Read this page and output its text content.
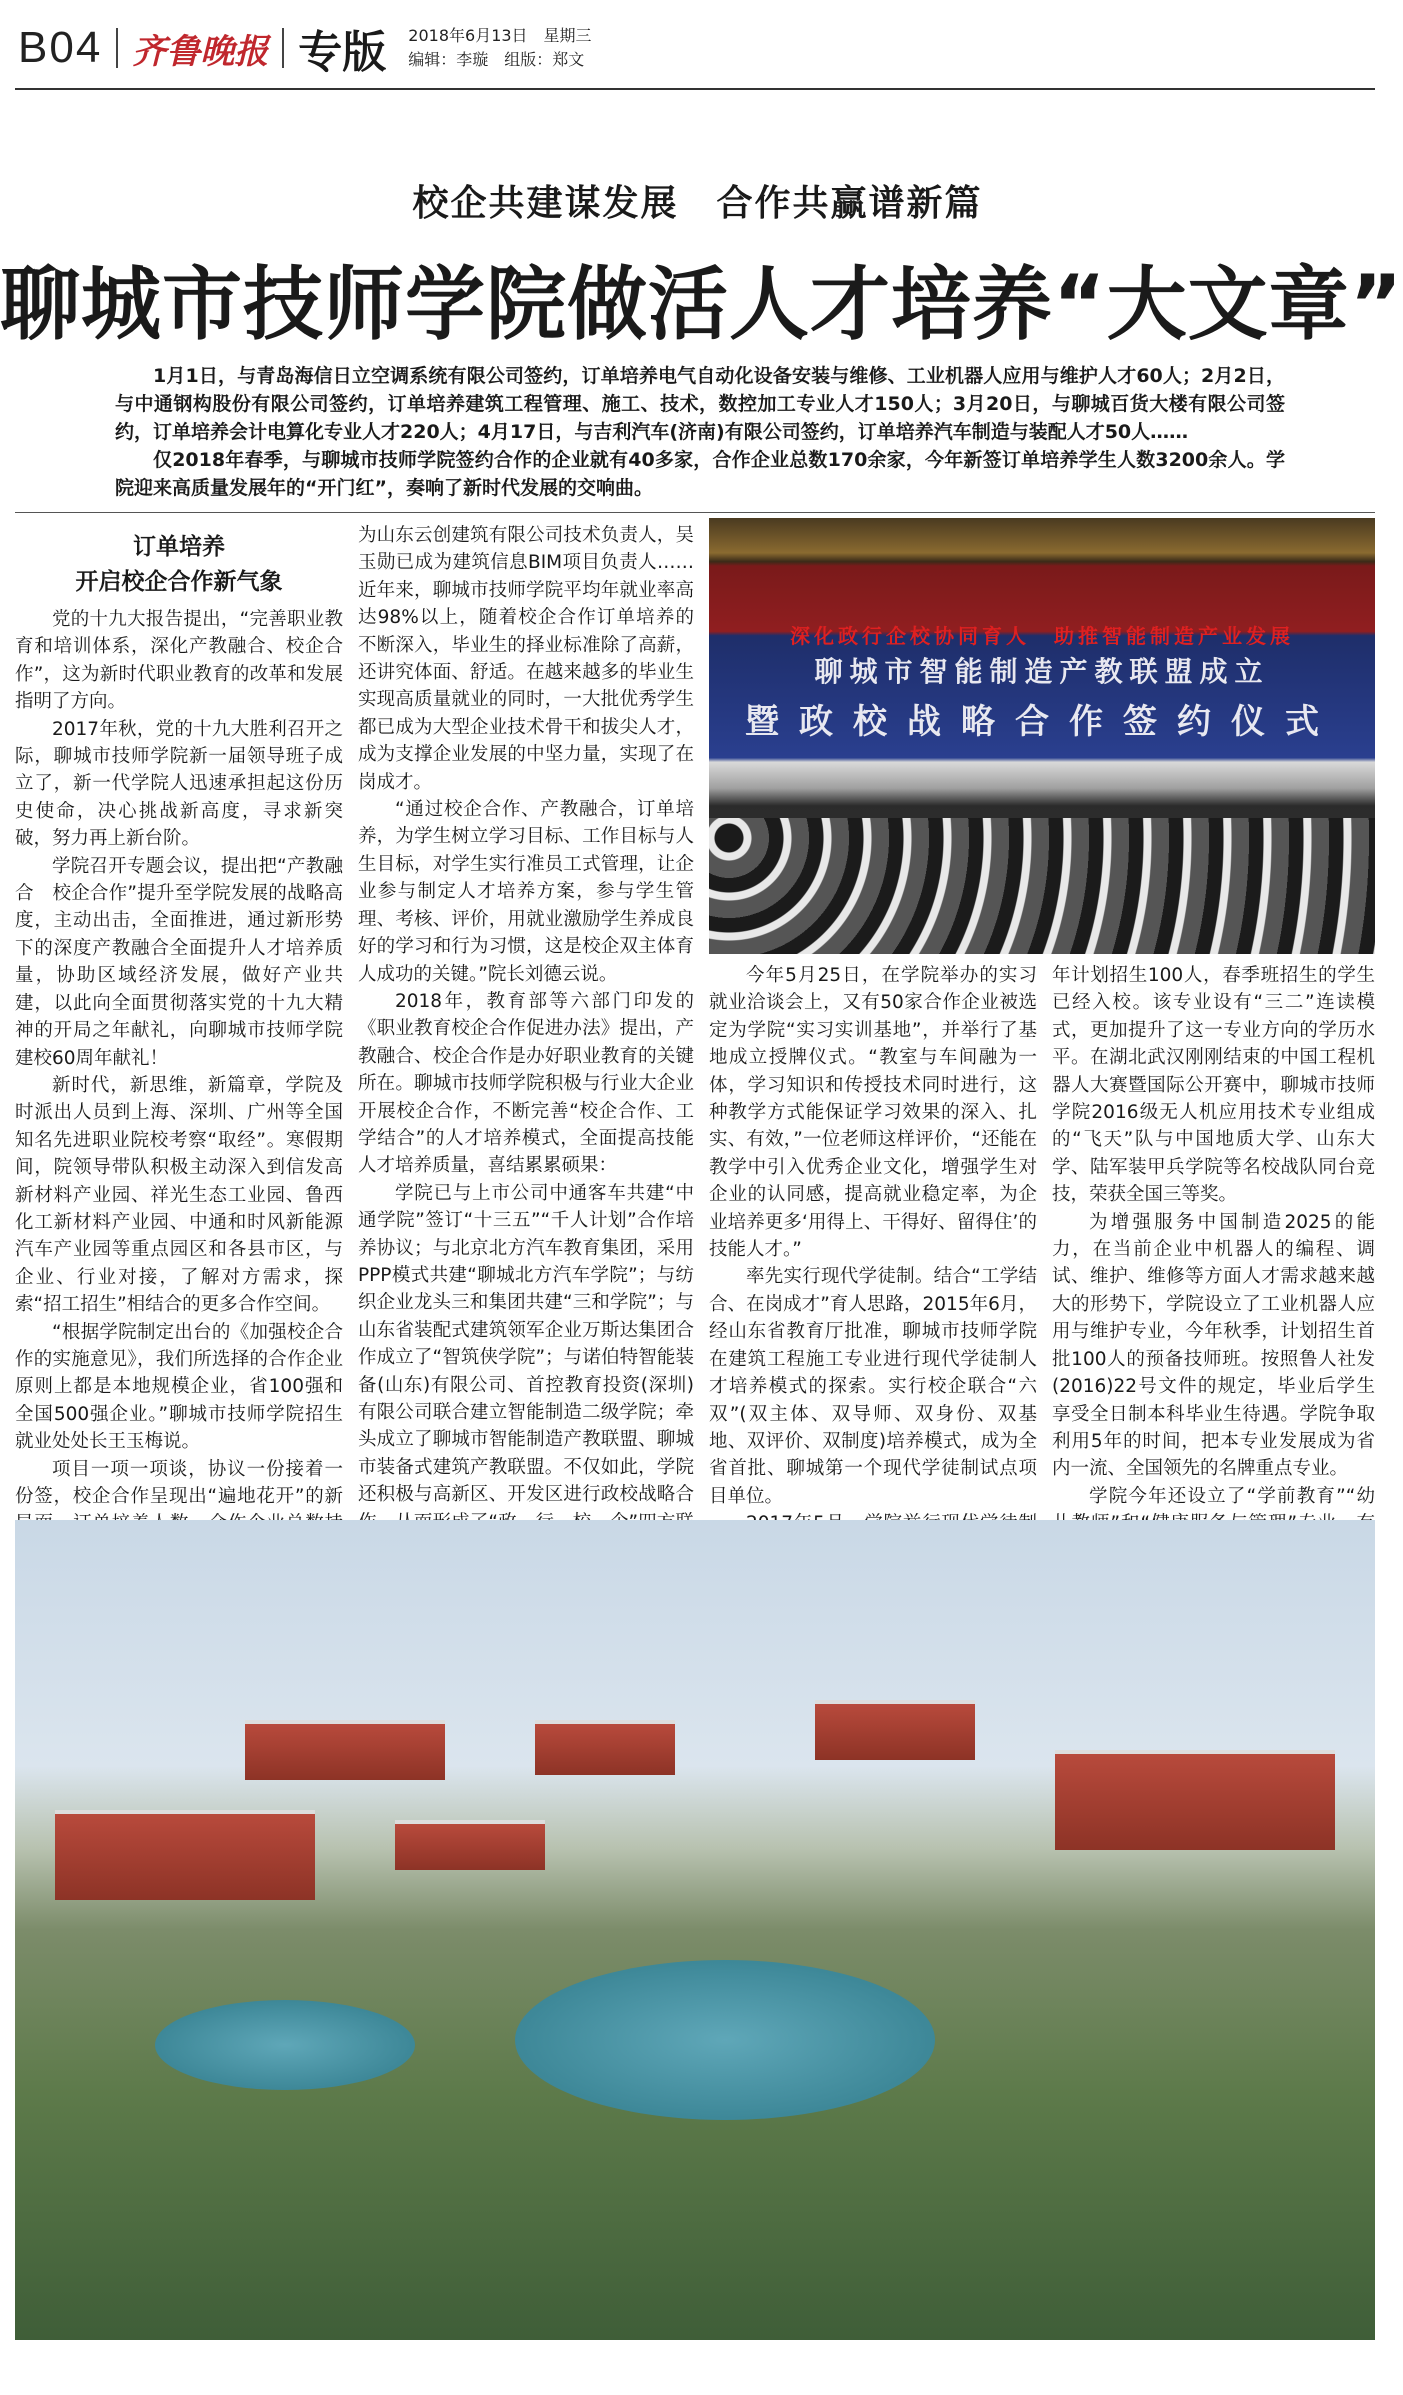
B04 齐鲁晚报 专版 2018年6月13日　星期三
编辑：李璇　组版：郑文
校企共建谋发展　合作共赢谱新篇
聊城市技师学院做活人才培养“大文章”

1月1日，与青岛海信日立空调系统有限公司签约，订单培养电气自动化设备安装与维修、工业机器人应用与维护人才60人；2月2日，与中通钢构股份有限公司签约，订单培养建筑工程管理、施工、技术，数控加工专业人才150人；3月20日，与聊城百货大楼有限公司签约，订单培养会计电算化专业人才220人；4月17日，与吉利汽车(济南)有限公司签约，订单培养汽车制造与装配人才50人……

仅2018年春季，与聊城市技师学院签约合作的企业就有40多家，合作企业总数170余家，今年新签订单培养学生人数3200余人。学院迎来高质量发展年的“开门红”，奏响了新时代发展的交响曲。

订单培养
开启校企合作新气象

党的十九大报告提出，“完善职业教育和培训体系，深化产教融合、校企合作”，这为新时代职业教育的改革和发展指明了方向。

2017年秋，党的十九大胜利召开之际，聊城市技师学院新一届领导班子成立了，新一代学院人迅速承担起这份历史使命，决心挑战新高度，寻求新突破，努力再上新台阶。

学院召开专题会议，提出把“产教融合　校企合作”提升至学院发展的战略高度，主动出击，全面推进，通过新形势下的深度产教融合全面提升人才培养质量，协助区域经济发展，做好产业共建，以此向全面贯彻落实党的十九大精神的开局之年献礼，向聊城市技师学院建校60周年献礼！

新时代，新思维，新篇章，学院及时派出人员到上海、深圳、广州等全国知名先进职业院校考察“取经”。寒假期间，院领导带队积极主动深入到信发高新材料产业园、祥光生态工业园、鲁西化工新材料产业园、中通和时风新能源汽车产业园等重点园区和各县市区，与企业、行业对接，了解对方需求，探索“招工招生”相结合的更多合作空间。

“根据学院制定出台的《加强校企合作的实施意见》，我们所选择的合作企业原则上都是本地规模企业，省100强和全国500强企业。”聊城市技师学院招生就业处处长王玉梅说。

项目一项一项谈，协议一份接着一份签，校企合作呈现出“遍地花开”的新

为山东云创建筑有限公司技术负责人，吴玉勋已成为建筑信息BIM项目负责人……近年来，聊城市技师学院平均年就业率高达98%以上，随着校企合作订单培养的不断深入，毕业生的择业标准除了高薪，还讲究体面、舒适。在越来越多的毕业生实现高质量就业的同时，一大批优秀学生都已成为大型企业技术骨干和拔尖人才，成为支撑企业发展的中坚力量，实现了在岗成才。

“通过校企合作、产教融合，订单培养，为学生树立学习目标、工作目标与人生目标，对学生实行准员工式管理，让企业参与制定人才培养方案，参与学生管理、考核、评价，用就业激励学生养成良好的学习和行为习惯，这是校企双主体育人成功的关键。”院长刘德云说。

2018年，教育部等六部门印发的《职业教育校企合作促进办法》提出，产教融合、校企合作是办好职业教育的关键所在。聊城市技师学院积极与行业大企业开展校企合作，不断完善“校企合作、工学结合”的人才培养模式，全面提高技能人才培养质量，喜结累累硕果：

学院已与上市公司中通客车共建“中通学院”签订“十三五”“千人计划”合作培养协议；与北京北方汽车教育集团，采用PPP模式共建“聊城北方汽车学院”；与纺织企业龙头三和集团共建“三和学院”；与山东省装配式建筑领军企业万斯达集团合作成立了“智筑侠学院”；与诺伯特智能装备(山东)有限公司、首控教育投资(深圳)有限公司联合建立智能制造二级学院；牵头成立了聊城市智能制造产教联盟、聊城市装备式建筑产教联盟。不仅如此，学院还积极与高新区、开发区进行政校战略合

深化政行企校协同育人　助推智能制造产业发展
聊城市智能制造产教联盟成立
暨政校战略合作签约仪式

今年5月25日，在学院举办的实习就业洽谈会上，又有50家合作企业被选定为学院“实习实训基地”，并举行了基地成立授牌仪式。“教室与车间融为一体，学习知识和传授技术同时进行，这种教学方式能保证学习效果的深入、扎实、有效，”一位老师这样评价，“还能在教学中引入优秀企业文化，增强学生对企业的认同感，提高就业稳定率，为企业培养更多‘用得上、干得好、留得住’的技能人才。”

率先实行现代学徒制。结合“工学结合、在岗成才”育人思路，2015年6月，经山东省教育厅批准，聊城市技师学院在建筑工程施工专业进行现代学徒制人才培养模式的探索。实行校企联合“六双”(双主体、双导师、双身份、双基地、双评价、双制度)培养模式，成为全省首批、聊城第一个现代学徒制试点项目单位。

年计划招生100人，春季班招生的学生已经入校。该专业设有“三二”连读模式，更加提升了这一专业方向的学历水平。在湖北武汉刚刚结束的中国工程机器人大赛暨国际公开赛中，聊城市技师学院2016级无人机应用技术专业组成的“飞天”队与中国地质大学、山东大学、陆军装甲兵学院等名校战队同台竞技，荣获全国三等奖。

为增强服务中国制造2025的能力，在当前企业中机器人的编程、调试、维护、维修等方面人才需求越来越大的形势下，学院设立了工业机器人应用与维护专业，今年秋季，计划招生首批100人的预备技师班。按照鲁人社发(2016)22号文件的规定，毕业后学生享受全日制本科毕业生待遇。学院争取利用5年的时间，把本专业发展成为省内一流、全国领先的名牌重点专业。

学院今年还设立了“学前教育”“幼
